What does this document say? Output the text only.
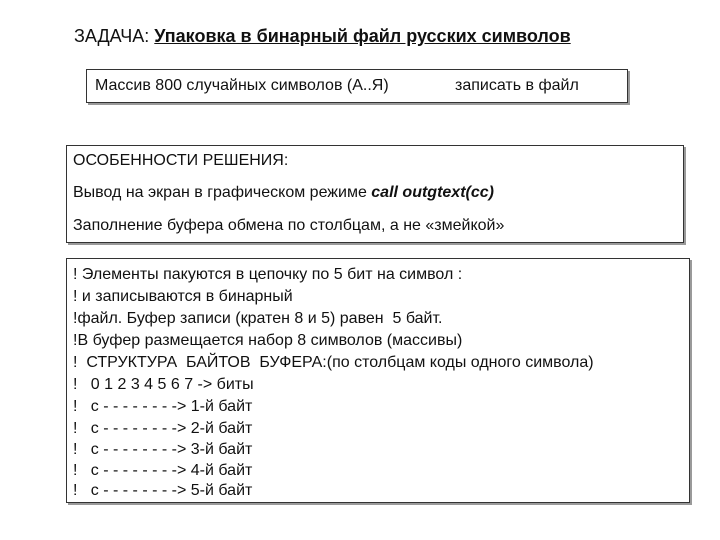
ЗАДАЧА: Упаковка в бинарный файл русских символов
Массив 800 случайных символов (А..Я)	записать в файл
ОСОБЕННОСТИ РЕШЕНИЯ:
Вывод на экран в графическом режиме call outgtext(cc)
Заполнение буфера обмена по столбцам, а не «змейкой»
! Элементы пакуются в цепочку по 5 бит на символ :
! и записываются в бинарный
!файл. Буфер записи (кратен 8 и 5) равен  5 байт.
!В буфер размещается набор 8 символов (массивы)
!  СТРУКТУРА  БАЙТОВ  БУФЕРА:(по столбцам коды одного символа)
!   0 1 2 3 4 5 6 7 -> биты
!   c - - - - - - - -> 1-й байт
!   c - - - - - - - -> 2-й байт
!   c - - - - - - - -> 3-й байт
!   c - - - - - - - -> 4-й байт
!   c - - - - - - - -> 5-й байт
